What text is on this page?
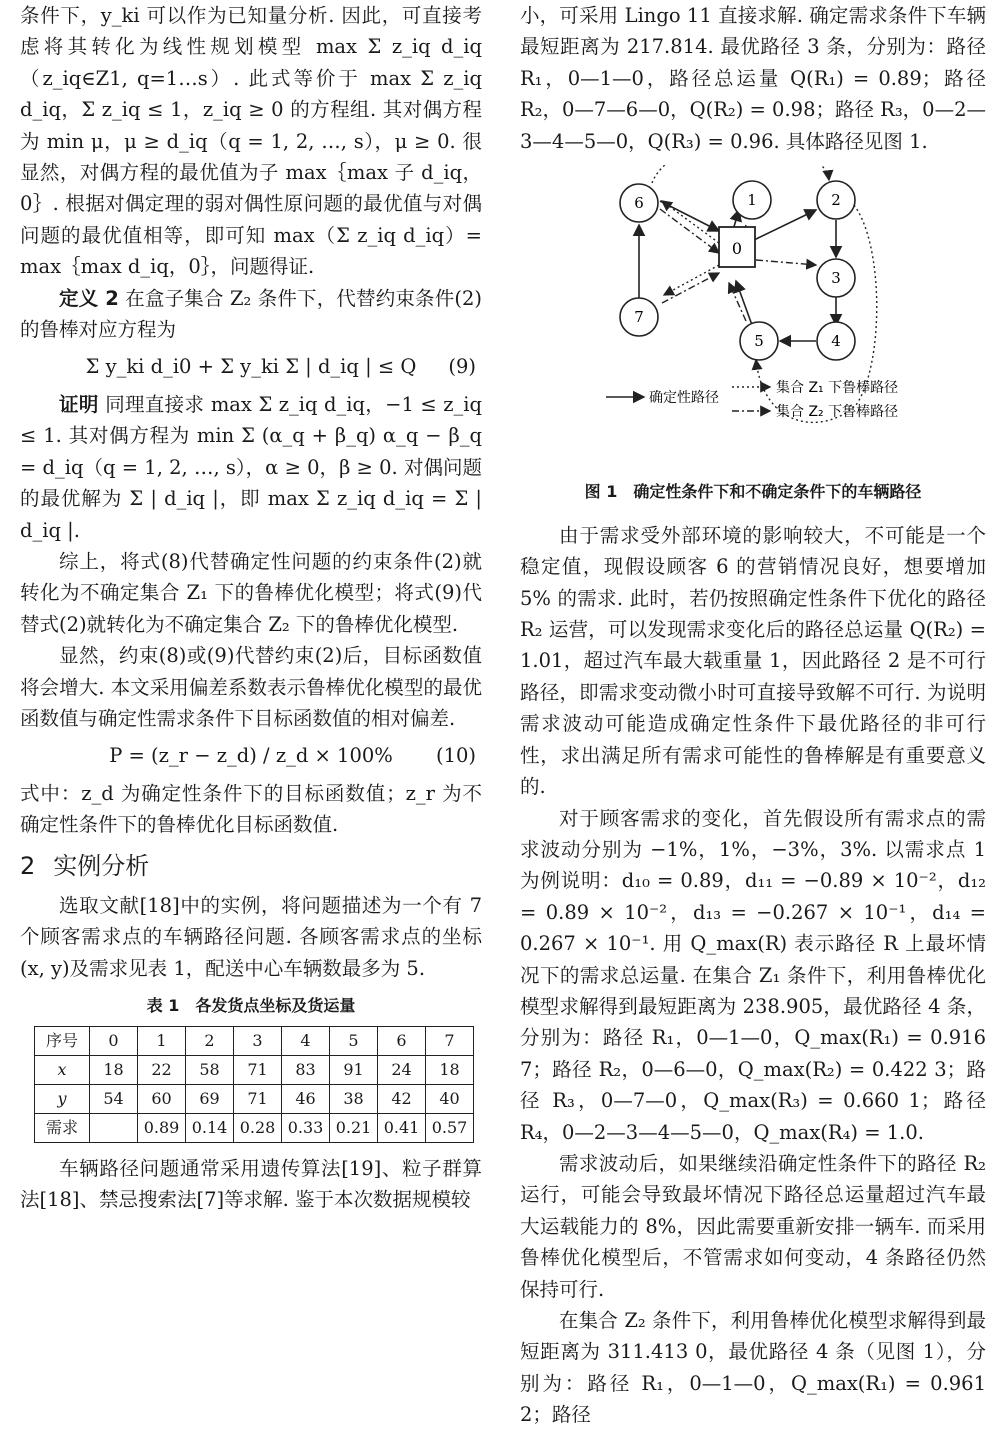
条件下，y_ki 可以作为已知量分析. 因此，可直接考虑将其转化为线性规划模型 max Σ z_iq d_iq（z_iq∈Z1, q=1…s）. 此式等价于 max Σ z_iq d_iq，Σ z_iq ≤ 1，z_iq ≥ 0 的方程组. 其对偶方程为 min μ，μ ≥ d_iq（q = 1, 2, …, s），μ ≥ 0. 很显然，对偶方程的最优值为子 max｛max 子 d_iq，0｝. 根据对偶定理的弱对偶性原问题的最优值与对偶问题的最优值相等，即可知 max（Σ z_iq d_iq）= max｛max d_iq，0｝，问题得证.

定义 2 在盒子集合 Z₂ 条件下，代替约束条件(2)的鲁棒对应方程为

Σ y_ki d_i0 + Σ y_ki Σ | d_iq | ≤ Q (9)

证明 同理直接求 max Σ z_iq d_iq，−1 ≤ z_iq ≤ 1. 其对偶方程为 min Σ (α_q + β_q) α_q − β_q = d_iq（q = 1, 2, …, s），α ≥ 0，β ≥ 0. 对偶问题的最优解为 Σ | d_iq |，即 max Σ z_iq d_iq = Σ | d_iq |.

综上，将式(8)代替确定性问题的约束条件(2)就转化为不确定集合 Z₁ 下的鲁棒优化模型；将式(9)代替式(2)就转化为不确定集合 Z₂ 下的鲁棒优化模型.

显然，约束(8)或(9)代替约束(2)后，目标函数值将会增大. 本文采用偏差系数表示鲁棒优化模型的最优函数值与确定性需求条件下目标函数值的相对偏差.

P = (z_r − z_d) / z_d × 100% (10)

式中：z_d 为确定性条件下的目标函数值；z_r 为不确定性条件下的鲁棒优化目标函数值.

2 实例分析

选取文献[18]中的实例，将问题描述为一个有 7 个顾客需求点的车辆路径问题. 各顾客需求点的坐标(x, y)及需求见表 1，配送中心车辆数最多为 5.

表 1　各发货点坐标及货运量
序号	0	1	2	3	4	5	6	7
x	18	22	58	71	83	91	24	18
y	54	60	69	71	46	38	42	40
需求		0.89	0.14	0.28	0.33	0.21	0.41	0.57

车辆路径问题通常采用遗传算法[19]、粒子群算法[18]、禁忌搜索法[7]等求解. 鉴于本次数据规模较

小，可采用 Lingo 11 直接求解. 确定需求条件下车辆最短距离为 217.814. 最优路径 3 条，分别为：路径 R₁，0—1—0，路径总运量 Q(R₁) = 0.89；路径 R₂，0—7—6—0，Q(R₂) = 0.98；路径 R₃，0—2—3—4—5—0，Q(R₃) = 0.96. 具体路径见图 1.

0
1	2
3
4
5
6
7
确定性路径
集合 Z₁ 下鲁棒路径
集合 Z₂ 下鲁棒路径
图 1　确定性条件下和不确定条件下的车辆路径

由于需求受外部环境的影响较大，不可能是一个稳定值，现假设顾客 6 的营销情况良好，想要增加 5% 的需求. 此时，若仍按照确定性条件下优化的路径 R₂ 运营，可以发现需求变化后的路径总运量 Q(R₂) = 1.01，超过汽车最大载重量 1，因此路径 2 是不可行路径，即需求变动微小时可直接导致解不可行. 为说明需求波动可能造成确定性条件下最优路径的非可行性，求出满足所有需求可能性的鲁棒解是有重要意义的.

对于顾客需求的变化，首先假设所有需求点的需求波动分别为 −1%，1%，−3%，3%. 以需求点 1 为例说明：d₁₀ = 0.89，d₁₁ = −0.89 × 10⁻²，d₁₂ = 0.89 × 10⁻²，d₁₃ = −0.267 × 10⁻¹，d₁₄ = 0.267 × 10⁻¹. 用 Q_max(R) 表示路径 R 上最坏情况下的需求总运量. 在集合 Z₁ 条件下，利用鲁棒优化模型求解得到最短距离为 238.905，最优路径 4 条，分别为：路径 R₁，0—1—0，Q_max(R₁) = 0.916 7；路径 R₂，0—6—0，Q_max(R₂) = 0.422 3；路径 R₃，0—7—0，Q_max(R₃) = 0.660 1；路径 R₄，0—2—3—4—5—0，Q_max(R₄) = 1.0.

需求波动后，如果继续沿确定性条件下的路径 R₂ 运行，可能会导致最坏情况下路径总运量超过汽车最大运载能力的 8%，因此需要重新安排一辆车. 而采用鲁棒优化模型后，不管需求如何变动，4 条路径仍然保持可行.

在集合 Z₂ 条件下，利用鲁棒优化模型求解得到最短距离为 311.413 0，最优路径 4 条（见图 1），分别为：路径 R₁，0—1—0，Q_max(R₁) = 0.961 2；路径
